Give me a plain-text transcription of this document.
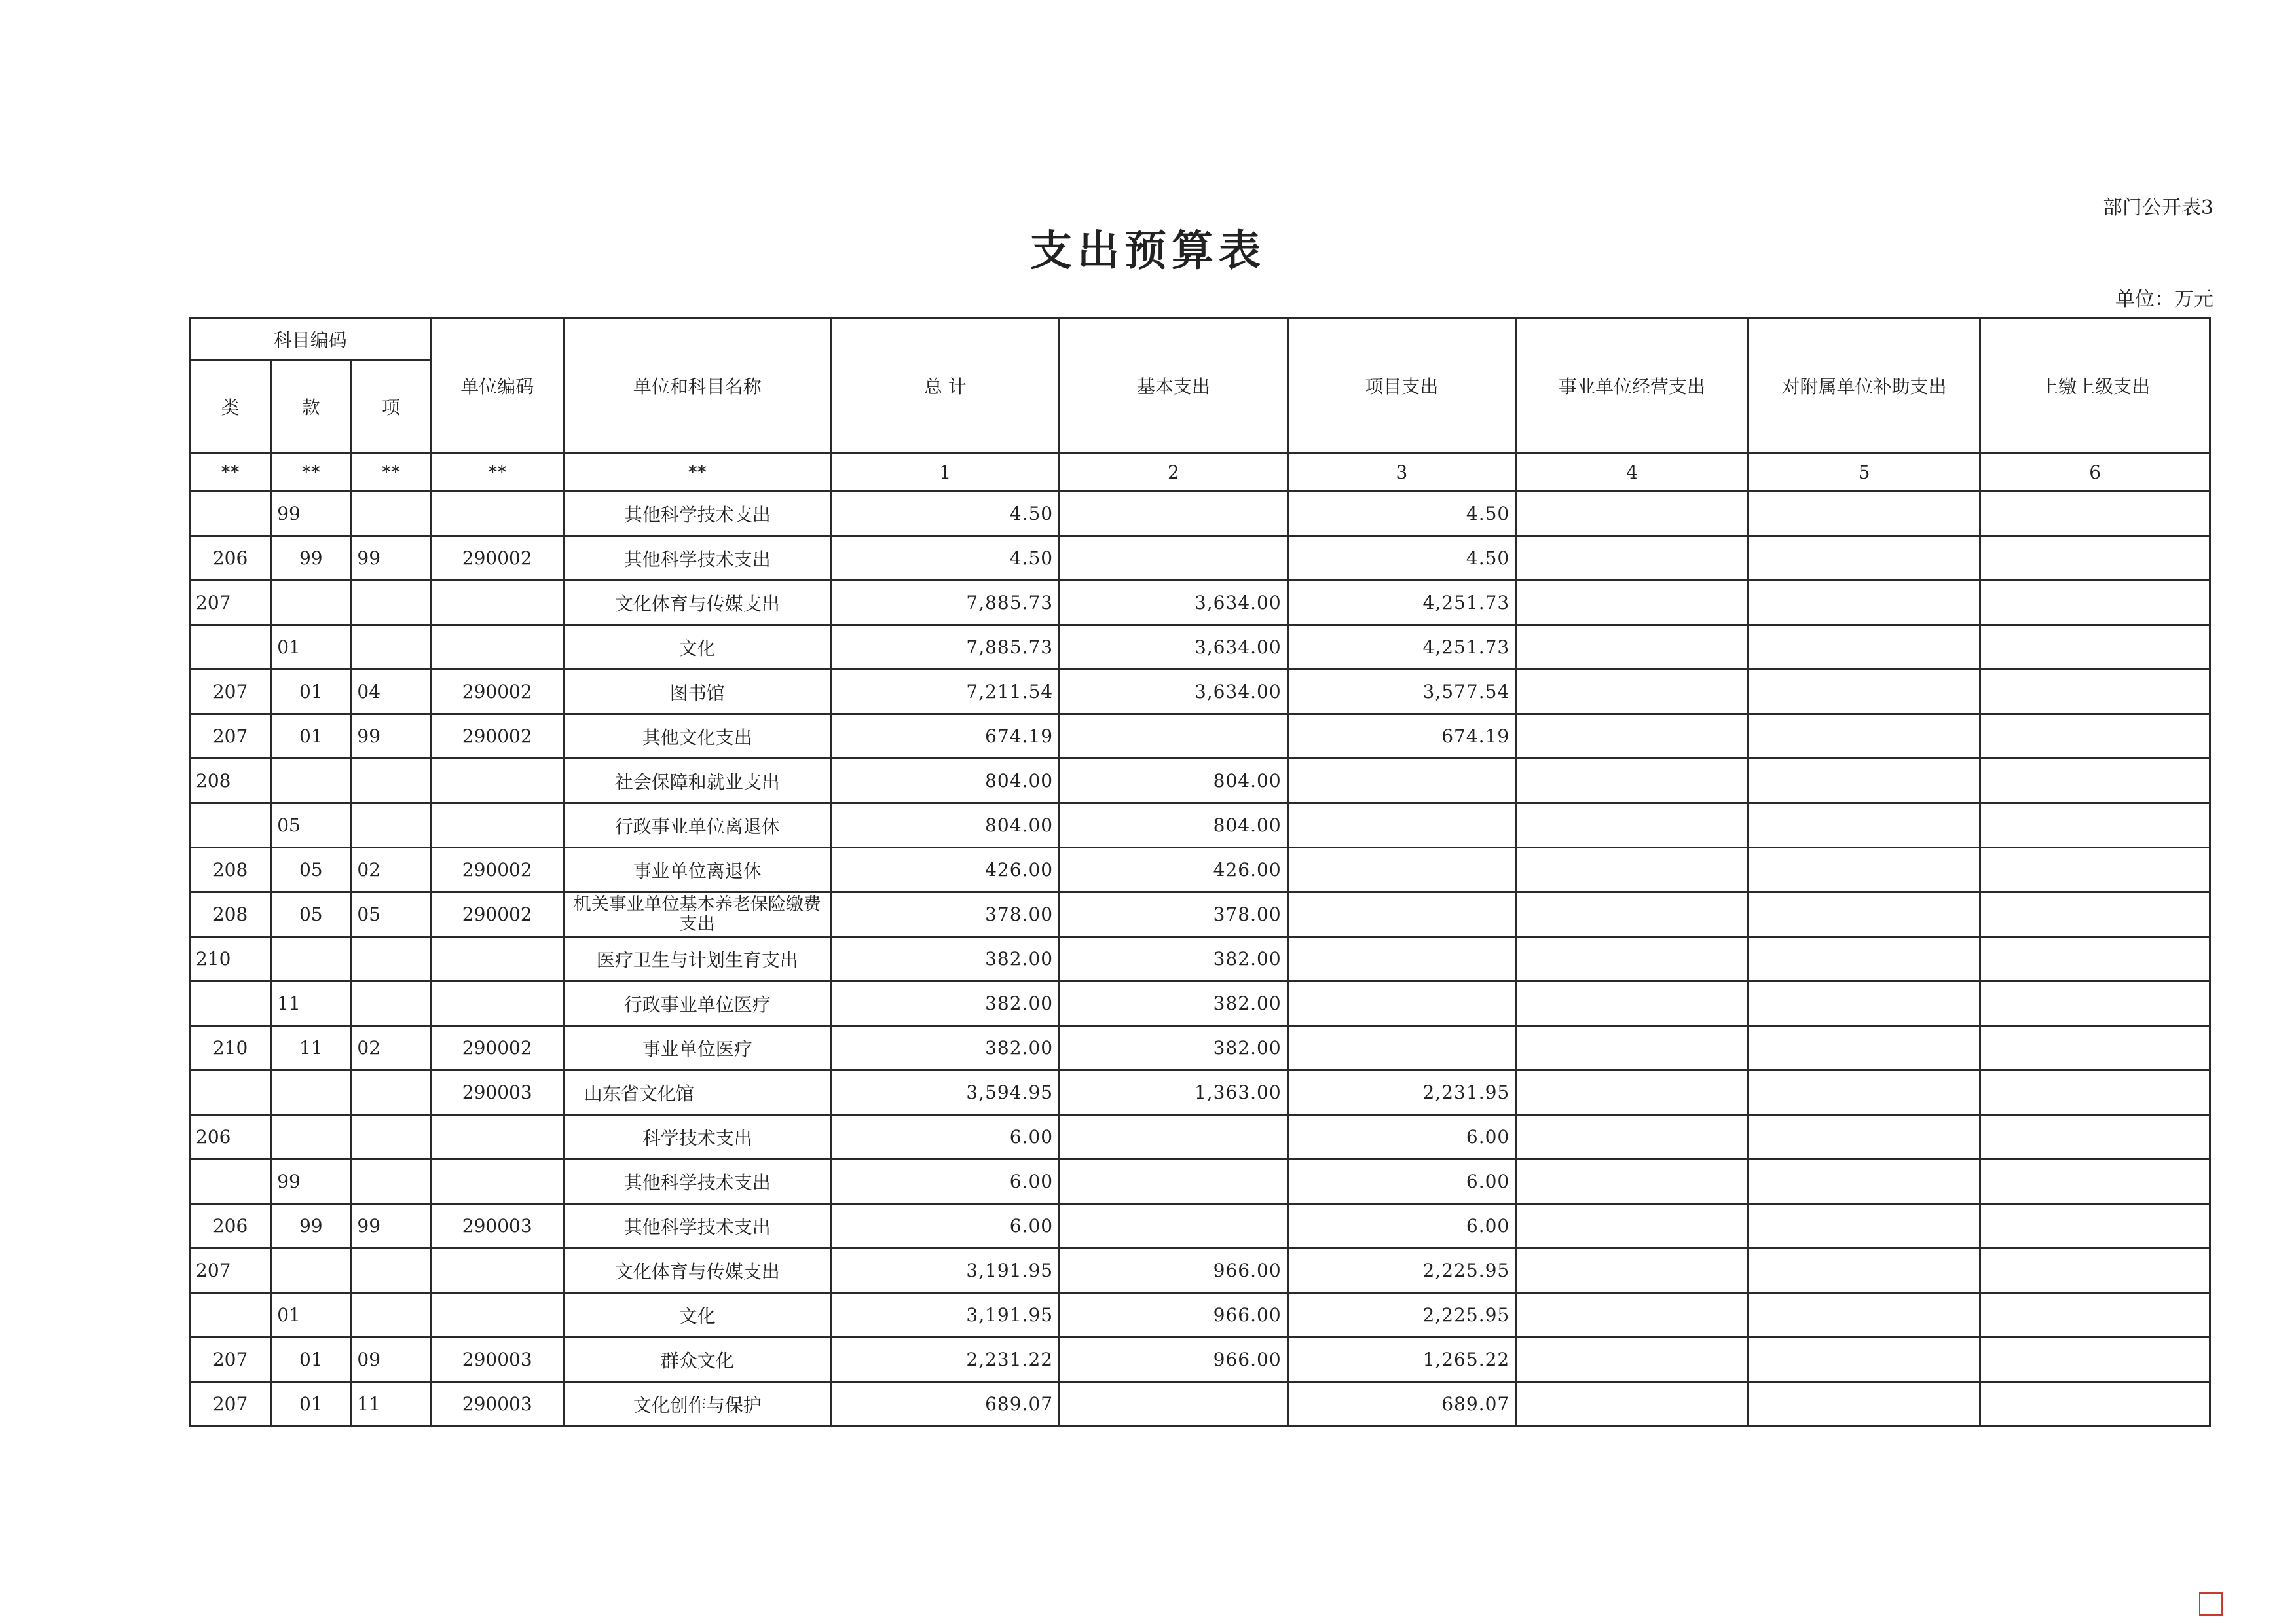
部门公开表3
支出预算表
单位：万元
科目编码			单位编码	单位和科目名称	总 计	基本支出	项目支出	事业单位经营支出	对附属单位补助支出	上缴上级支出
类	款	项								
**	**	**	**	**	1	2	3	4	5	6
	99			其他科学技术支出	4.50		4.50			
206	99	99	290002	其他科学技术支出	4.50		4.50			
207				文化体育与传媒支出	7,885.73	3,634.00	4,251.73			
	01			文化	7,885.73	3,634.00	4,251.73			
207	01	04	290002	图书馆	7,211.54	3,634.00	3,577.54			
207	01	99	290002	其他文化支出	674.19		674.19			
208				社会保障和就业支出	804.00	804.00				
	05			行政事业单位离退休	804.00	804.00				
208	05	02	290002	事业单位离退休	426.00	426.00				
208	05	05	290002	机关事业单位基本养老保险缴费支出	378.00	378.00				
210				医疗卫生与计划生育支出	382.00	382.00				
	11			行政事业单位医疗	382.00	382.00				
210	11	02	290002	事业单位医疗	382.00	382.00				
			290003	山东省文化馆	3,594.95	1,363.00	2,231.95			
206				科学技术支出	6.00		6.00			
	99			其他科学技术支出	6.00		6.00			
206	99	99	290003	其他科学技术支出	6.00		6.00			
207				文化体育与传媒支出	3,191.95	966.00	2,225.95			
	01			文化	3,191.95	966.00	2,225.95			
207	01	09	290003	群众文化	2,231.22	966.00	1,265.22			
207	01	11	290003	文化创作与保护	689.07		689.07			
